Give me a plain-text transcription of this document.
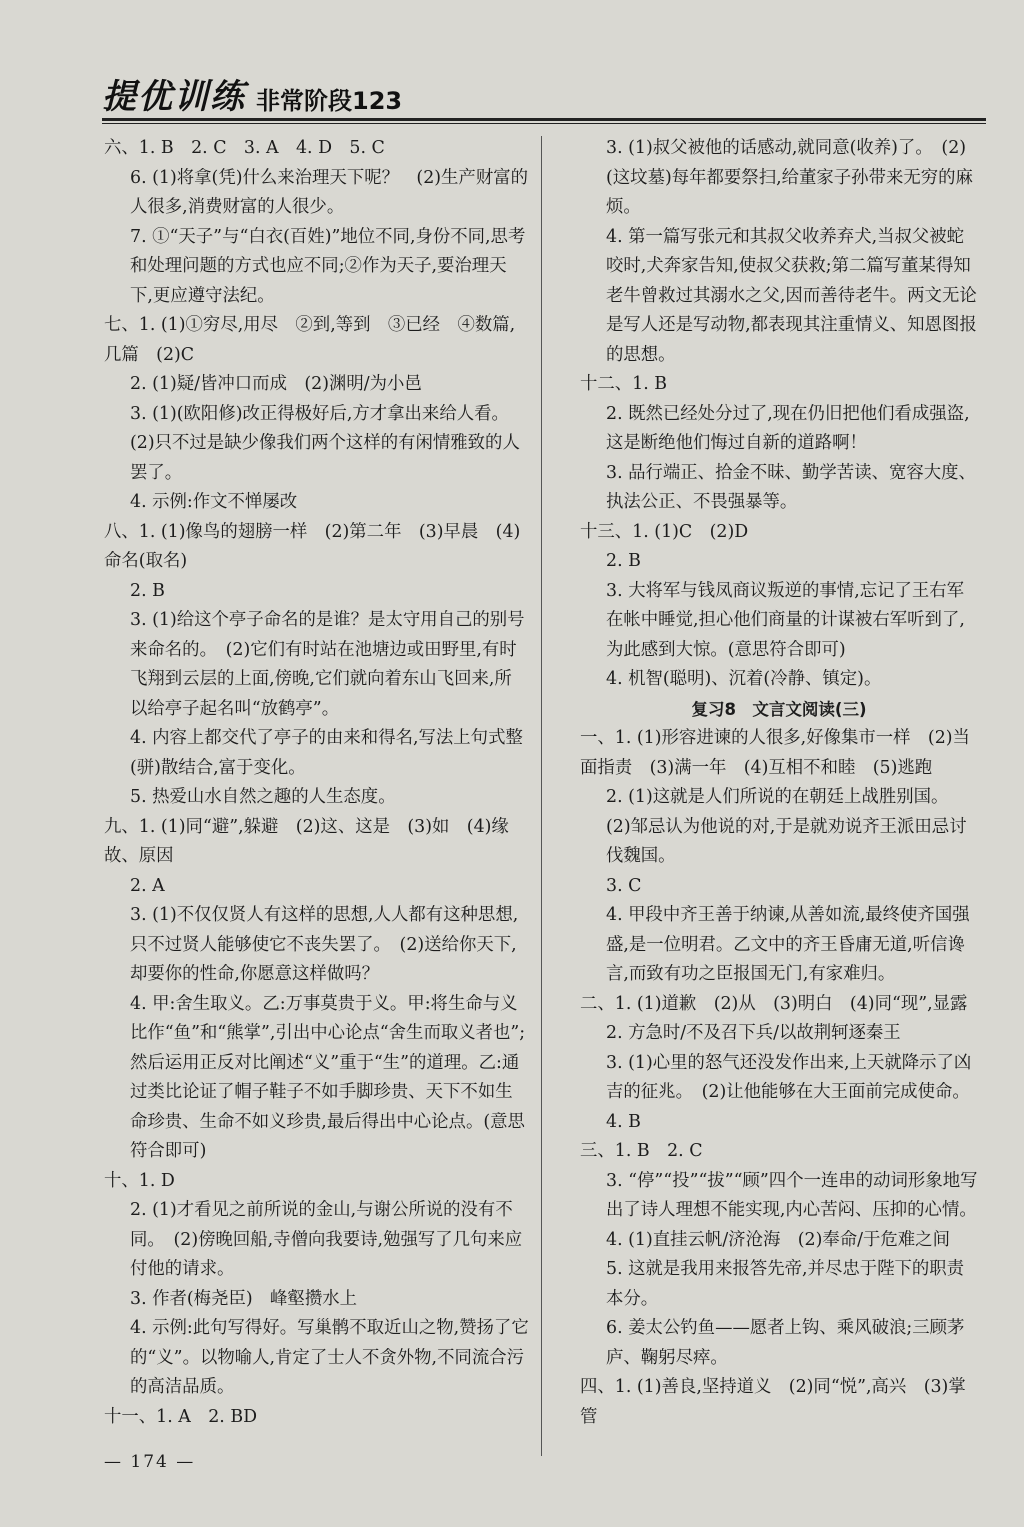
提优训练 非常阶段123

六、1. B　2. C　3. A　4. D　5. C

6. (1)将拿(凭)什么来治理天下呢？　(2)生产财富的人很多,消费财富的人很少。

7. ①“天子”与“白衣(百姓)”地位不同,身份不同,思考和处理问题的方式也应不同;②作为天子,要治理天下,更应遵守法纪。

七、1. (1)①穷尽,用尽　②到,等到　③已经　④数篇,几篇　(2)C

2. (1)疑/皆冲口而成　(2)渊明/为小邑

3. (1)(欧阳修)改正得极好后,方才拿出来给人看。　(2)只不过是缺少像我们两个这样的有闲情雅致的人罢了。

4. 示例:作文不惮屡改

八、1. (1)像鸟的翅膀一样　(2)第二年　(3)早晨　(4)命名(取名)

2. B

3. (1)给这个亭子命名的是谁？是太守用自己的别号来命名的。　(2)它们有时站在池塘边或田野里,有时飞翔到云层的上面,傍晚,它们就向着东山飞回来,所以给亭子起名叫“放鹤亭”。

4. 内容上都交代了亭子的由来和得名,写法上句式整(骈)散结合,富于变化。

5. 热爱山水自然之趣的人生态度。

九、1. (1)同“避”,躲避　(2)这、这是　(3)如　(4)缘故、原因

2. A

3. (1)不仅仅贤人有这样的思想,人人都有这种思想,只不过贤人能够使它不丧失罢了。　(2)送给你天下,却要你的性命,你愿意这样做吗？

4. 甲:舍生取义。乙:万事莫贵于义。甲:将生命与义比作“鱼”和“熊掌”,引出中心论点“舍生而取义者也”;然后运用正反对比阐述“义”重于“生”的道理。乙:通过类比论证了帽子鞋子不如手脚珍贵、天下不如生命珍贵、生命不如义珍贵,最后得出中心论点。(意思符合即可)

十、1. D

2. (1)才看见之前所说的金山,与谢公所说的没有不同。　(2)傍晚回船,寺僧向我要诗,勉强写了几句来应付他的请求。

3. 作者(梅尧臣)　峰壑攒水上

4. 示例:此句写得好。写巢鹘不取近山之物,赞扬了它的“义”。以物喻人,肯定了士人不贪外物,不同流合污的高洁品质。

十一、1. A　2. BD

3. (1)叔父被他的话感动,就同意(收养)了。　(2)(这坟墓)每年都要祭扫,给董家子孙带来无穷的麻烦。

4. 第一篇写张元和其叔父收养弃犬,当叔父被蛇咬时,犬奔家告知,使叔父获救;第二篇写董某得知老牛曾救过其溺水之父,因而善待老牛。两文无论是写人还是写动物,都表现其注重情义、知恩图报的思想。

十二、1. B

2. 既然已经处分过了,现在仍旧把他们看成强盗,这是断绝他们悔过自新的道路啊！

3. 品行端正、拾金不昧、勤学苦读、宽容大度、执法公正、不畏强暴等。

十三、1. (1)C　(2)D

2. B

3. 大将军与钱凤商议叛逆的事情,忘记了王右军在帐中睡觉,担心他们商量的计谋被右军听到了,为此感到大惊。(意思符合即可)

4. 机智(聪明)、沉着(冷静、镇定)。

复习8　文言文阅读(三)

一、1. (1)形容进谏的人很多,好像集市一样　(2)当面指责　(3)满一年　(4)互相不和睦　(5)逃跑

2. (1)这就是人们所说的在朝廷上战胜别国。　(2)邹忌认为他说的对,于是就劝说齐王派田忌讨伐魏国。

3. C

4. 甲段中齐王善于纳谏,从善如流,最终使齐国强盛,是一位明君。乙文中的齐王昏庸无道,听信谗言,而致有功之臣报国无门,有家难归。

二、1. (1)道歉　(2)从　(3)明白　(4)同“现”,显露

2. 方急时/不及召下兵/以故荆轲逐秦王

3. (1)心里的怒气还没发作出来,上天就降示了凶吉的征兆。　(2)让他能够在大王面前完成使命。

4. B

三、1. B　2. C

3. “停”“投”“拔”“顾”四个一连串的动词形象地写出了诗人理想不能实现,内心苦闷、压抑的心情。

4. (1)直挂云帆/济沧海　(2)奉命/于危难之间

5. 这就是我用来报答先帝,并尽忠于陛下的职责本分。

6. 姜太公钓鱼——愿者上钩、乘风破浪;三顾茅庐、鞠躬尽瘁。

四、1. (1)善良,坚持道义　(2)同“悦”,高兴　(3)掌管

— 174 —
